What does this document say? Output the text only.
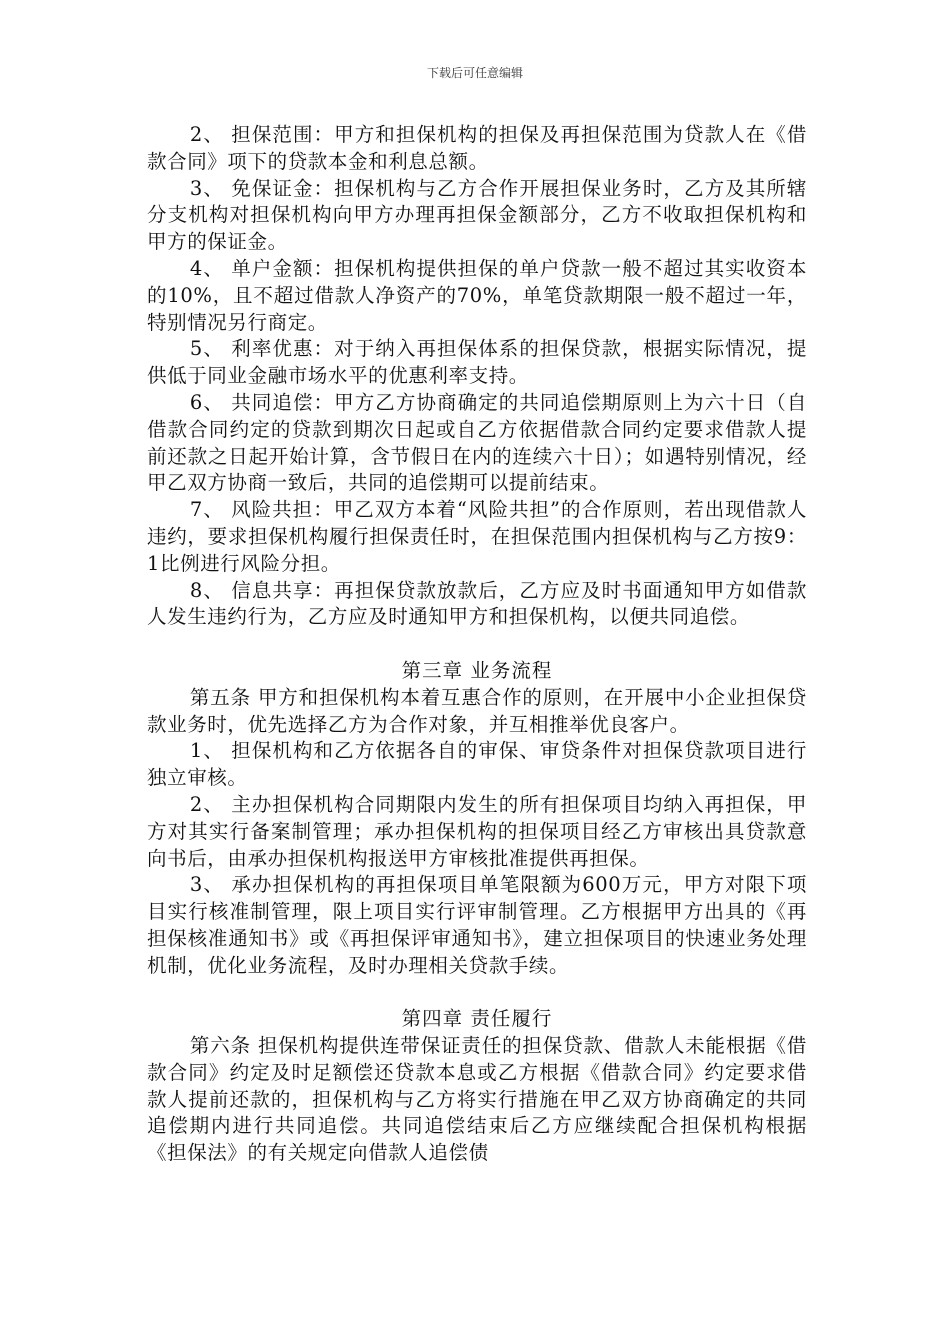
下载后可任意编辑

2、 担保范围：甲方和担保机构的担保及再担保范围为贷款人在《借款合同》项下的贷款本金和利息总额。

3、 免保证金：担保机构与乙方合作开展担保业务时，乙方及其所辖分支机构对担保机构向甲方办理再担保金额部分，乙方不收取担保机构和甲方的保证金。

4、 单户金额：担保机构提供担保的单户贷款一般不超过其实收资本的10%，且不超过借款人净资产的70%，单笔贷款期限一般不超过一年，特别情况另行商定。

5、 利率优惠：对于纳入再担保体系的担保贷款，根据实际情况，提供低于同业金融市场水平的优惠利率支持。

6、 共同追偿：甲方乙方协商确定的共同追偿期原则上为六十日（自借款合同约定的贷款到期次日起或自乙方依据借款合同约定要求借款人提前还款之日起开始计算，含节假日在内的连续六十日）；如遇特别情况，经甲乙双方协商一致后，共同的追偿期可以提前结束。

7、 风险共担：甲乙双方本着“风险共担”的合作原则，若出现借款人违约，要求担保机构履行担保责任时，在担保范围内担保机构与乙方按9：1比例进行风险分担。

8、 信息共享：再担保贷款放款后，乙方应及时书面通知甲方如借款人发生违约行为，乙方应及时通知甲方和担保机构，以便共同追偿。

第三章 业务流程

第五条 甲方和担保机构本着互惠合作的原则，在开展中小企业担保贷款业务时，优先选择乙方为合作对象，并互相推举优良客户。

1、 担保机构和乙方依据各自的审保、审贷条件对担保贷款项目进行独立审核。

2、 主办担保机构合同期限内发生的所有担保项目均纳入再担保，甲方对其实行备案制管理；承办担保机构的担保项目经乙方审核出具贷款意向书后，由承办担保机构报送甲方审核批准提供再担保。

3、 承办担保机构的再担保项目单笔限额为600万元，甲方对限下项目实行核准制管理，限上项目实行评审制管理。乙方根据甲方出具的《再担保核准通知书》或《再担保评审通知书》，建立担保项目的快速业务处理机制，优化业务流程，及时办理相关贷款手续。

第四章 责任履行

第六条 担保机构提供连带保证责任的担保贷款、借款人未能根据《借款合同》约定及时足额偿还贷款本息或乙方根据《借款合同》约定要求借款人提前还款的，担保机构与乙方将实行措施在甲乙双方协商确定的共同追偿期内进行共同追偿。共同追偿结束后乙方应继续配合担保机构根据《担保法》的有关规定向借款人追偿债
